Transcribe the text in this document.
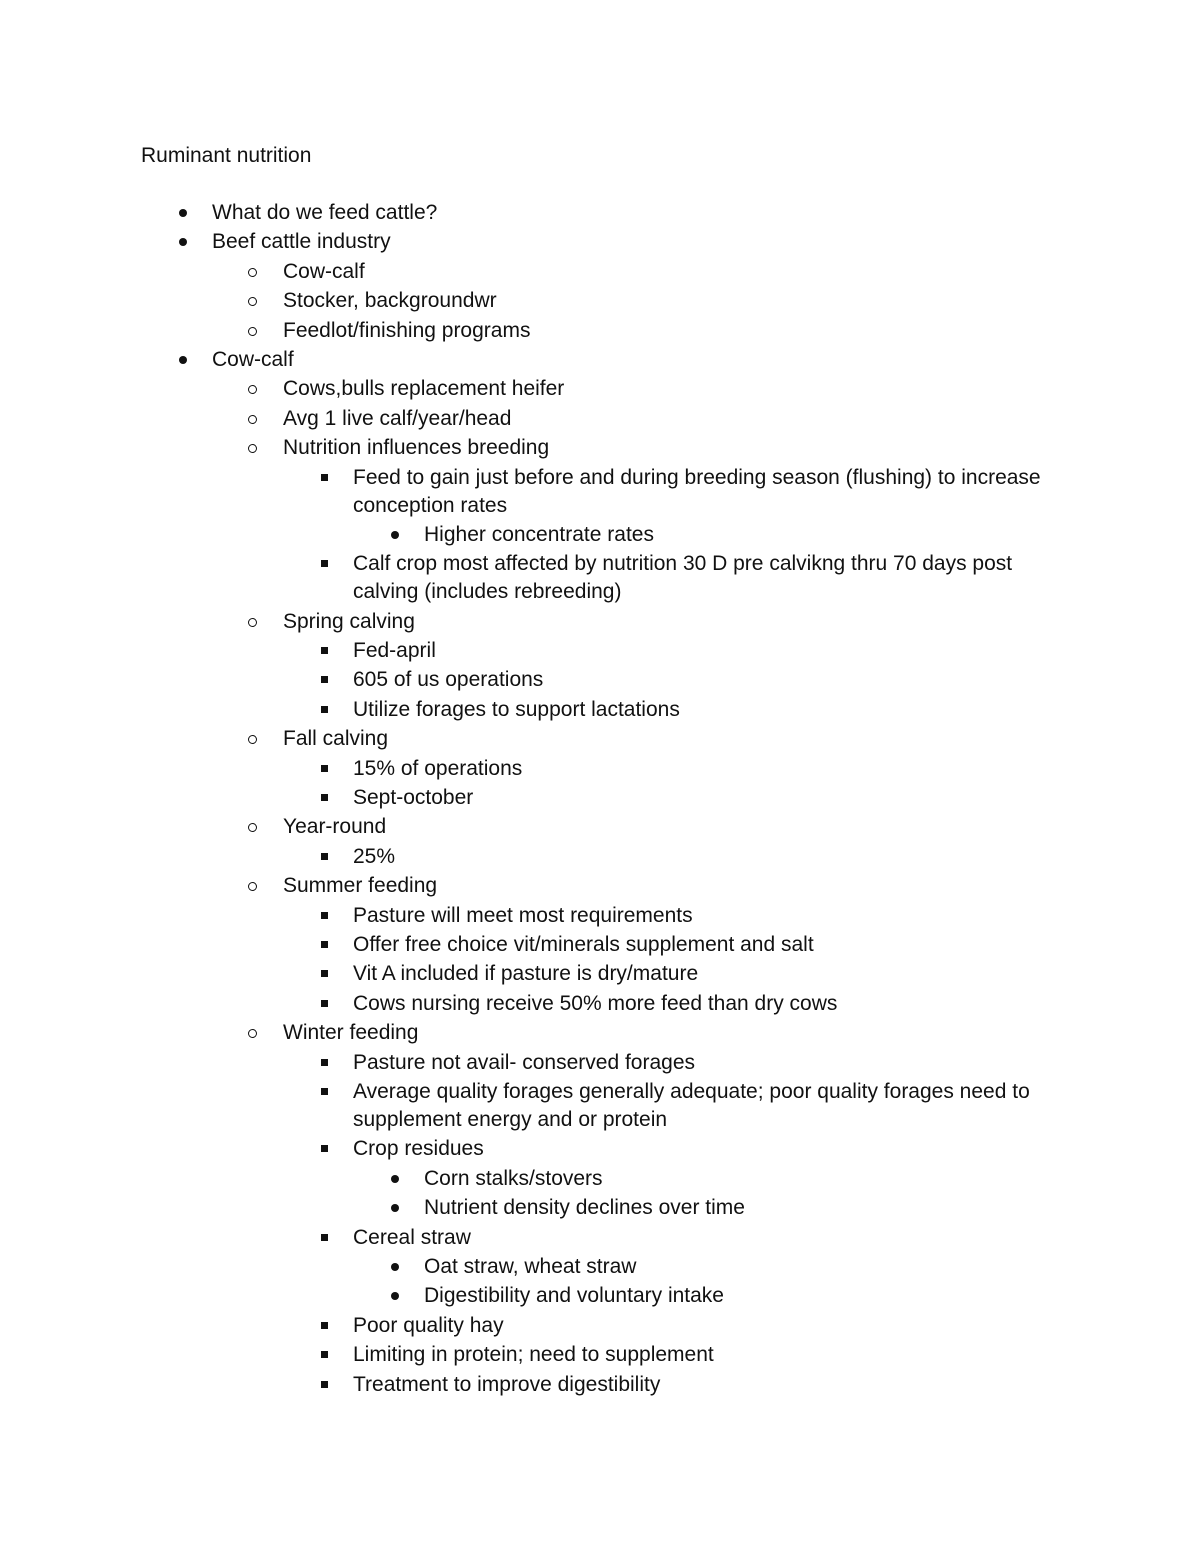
Ruminant nutrition
What do we feed cattle?
Beef cattle industry
Cow-calf
Stocker, backgroundwr
Feedlot/finishing programs
Cow-calf
Cows,bulls replacement heifer
Avg 1 live calf/year/head
Nutrition influences breeding
Feed to gain just before and during breeding season (flushing) to increase
conception rates
Higher concentrate rates
Calf crop most affected by nutrition 30 D pre calvikng thru 70 days post
calving (includes rebreeding)
Spring calving
Fed-april
605 of us operations
Utilize forages to support lactations
Fall calving
15% of operations
Sept-october
Year-round
25%
Summer feeding
Pasture will meet most requirements
Offer free choice vit/minerals supplement and salt
Vit A included if pasture is dry/mature
Cows nursing receive 50% more feed than dry cows
Winter feeding
Pasture not avail- conserved forages
Average quality forages generally adequate; poor quality forages need to
supplement energy and or protein
Crop residues
Corn stalks/stovers
Nutrient density declines over time
Cereal straw
Oat straw, wheat straw
Digestibility and voluntary intake
Poor quality hay
Limiting in protein; need to supplement
Treatment to improve digestibility
